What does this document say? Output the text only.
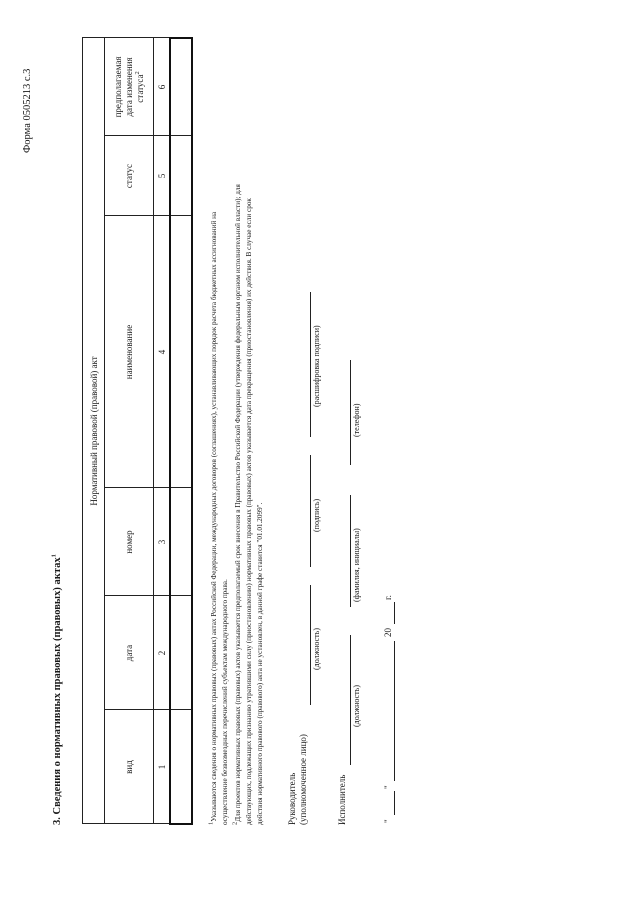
Форма 0505213 с.3
3. Сведения о нормативных правовых (правовых) актах$^1$
Нормативный правовой (правовой) акт					
вид	дата	номер	наименование	статус	предполагаемая
дата изменения
статуса$^2$
1	2	3	4	5	6

$^1$Указываются сведения о нормативных правовых (правовых) актах Российской Федерации, международных договоров (соглашениях), устанавливающих порядок расчета бюджетных ассигнований на осуществление безвозмездных перечислений субъектам международного права. $^2$Для проектов нормативных правовых (правовых) актов указывается предполагаемый срок внесения в Правительство Российской Федерации (утверждения федеральным органом исполнительной власти); для действующих, подлежащих признанию утратившими силу (приостановлению) нормативных правовых (правовых) актов указывается дата прекращения (приостановления) их действия. В случае если срок действия нормативного правового (правового) акта не установлен, в данной графе ставится "01.01.2099".	Руководитель (уполномоченное лицо)
(должность)
(подпись)
(расшифровка подписи)
Исполнитель
(должность)
(фамилия, инициалы)
(телефон)
"
"
20
г.
